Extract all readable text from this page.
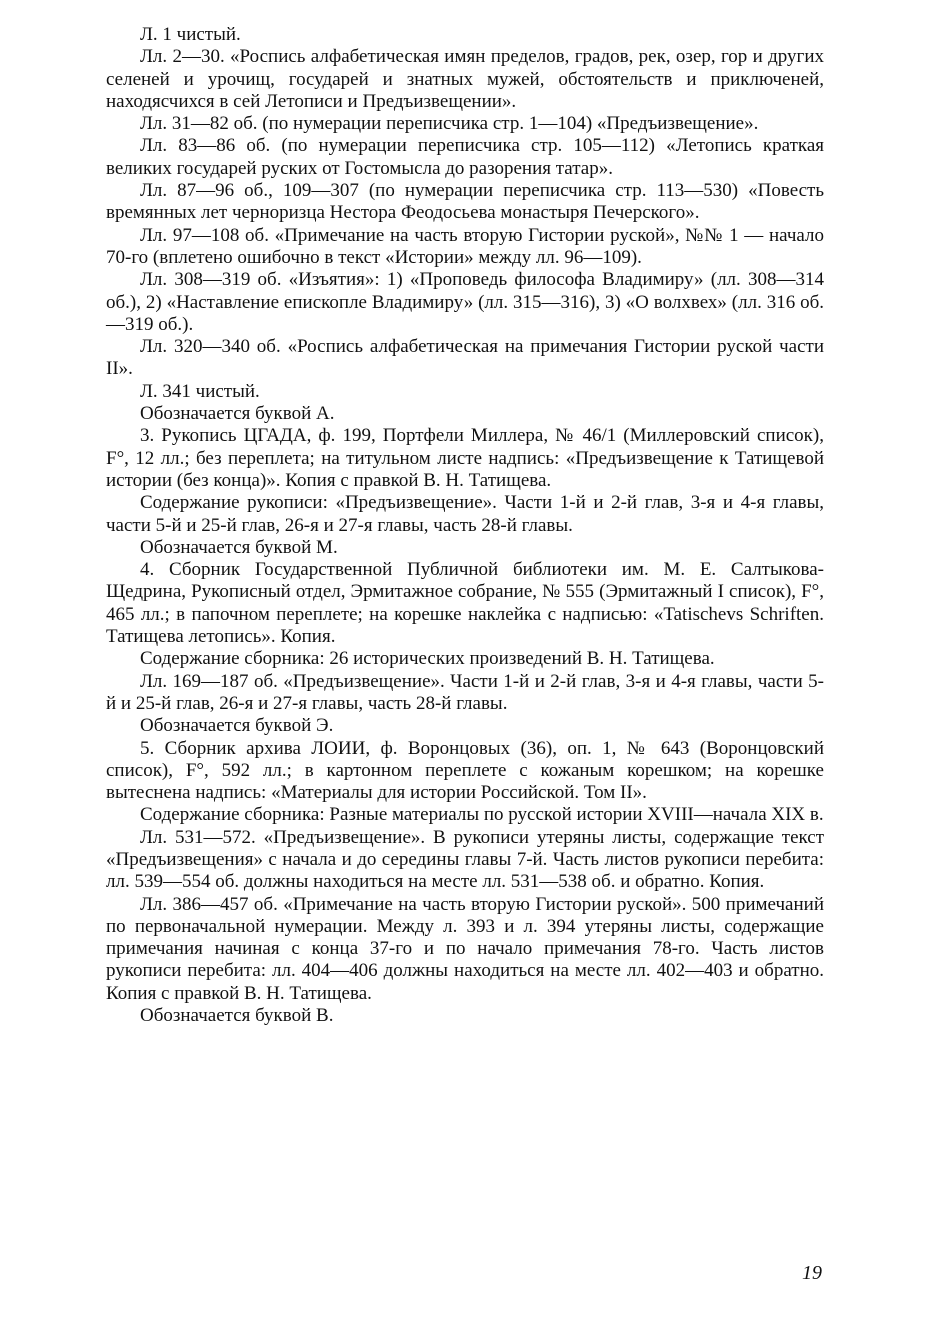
Л. 1 чистый.

Лл. 2—30. «Роспись алфабетическая имян пределов, градов, рек, озер, гор и других селеней и урочищ, государей и знатных мужей, обстоятельств и приключеней, находясчихся в сей Летописи и Предъизвещении».

Лл. 31—82 об. (по нумерации переписчика стр. 1—104) «Предъизвещение».

Лл. 83—86 об. (по нумерации переписчика стр. 105—112) «Летопись краткая великих государей руских от Гостомысла до разорения татар».

Лл. 87—96 об., 109—307 (по нумерации переписчика стр. 113—530) «Повесть времянных лет черноризца Нестора Феодосьева монастыря Печерского».

Лл. 97—108 об. «Примечание на часть вторую Гистории руской», №№ 1 — начало 70-го (вплетено ошибочно в текст «Истории» между лл. 96—109).

Лл. 308—319 об. «Изъятия»: 1) «Проповедь философа Владимиру» (лл. 308—314 об.), 2) «Наставление епископле Владимиру» (лл. 315—316), 3) «О волхвех» (лл. 316 об.—319 об.).

Лл. 320—340 об. «Роспись алфабетическая на примечания Гистории руской части II».

Л. 341 чистый.

Обозначается буквой А.

3. Рукопись ЦГАДА, ф. 199, Портфели Миллера, № 46/1 (Миллеровский список), F°, 12 лл.; без переплета; на титульном листе надпись: «Предъизвещение к Татищевой истории (без конца)». Копия с правкой В. Н. Татищева.

Содержание рукописи: «Предъизвещение». Части 1-й и 2-й глав, 3-я и 4-я главы, части 5-й и 25-й глав, 26-я и 27-я главы, часть 28-й главы.

Обозначается буквой М.

4. Сборник Государственной Публичной библиотеки им. М. Е. Салтыкова-Щедрина, Рукописный отдел, Эрмитажное собрание, № 555 (Эрмитажный I список), F°, 465 лл.; в папочном переплете; на корешке наклейка с надписью: «Tatischevs Schriften. Татищева летопись». Копия.

Содержание сборника: 26 исторических произведений В. Н. Татищева.

Лл. 169—187 об. «Предъизвещение». Части 1-й и 2-й глав, 3-я и 4-я главы, части 5-й и 25-й глав, 26-я и 27-я главы, часть 28-й главы.

Обозначается буквой Э.

5. Сборник архива ЛОИИ, ф. Воронцовых (36), оп. 1, № 643 (Воронцовский список), F°, 592 лл.; в картонном переплете с кожаным корешком; на корешке вытеснена надпись: «Материалы для истории Российской. Том II».

Содержание сборника: Разные материалы по русской истории XVIII—начала XIX в.

Лл. 531—572. «Предъизвещение». В рукописи утеряны листы, содержащие текст «Предъизвещения» с начала и до середины главы 7-й. Часть листов рукописи перебита: лл. 539—554 об. должны находиться на месте лл. 531—538 об. и обратно. Копия.

Лл. 386—457 об. «Примечание на часть вторую Гистории руской». 500 примечаний по первоначальной нумерации. Между л. 393 и л. 394 утеряны листы, содержащие примечания начиная с конца 37-го и по начало примечания 78-го. Часть листов рукописи перебита: лл. 404—406 должны находиться на месте лл. 402—403 и обратно. Копия с правкой В. Н. Татищева.

Обозначается буквой В.

19
